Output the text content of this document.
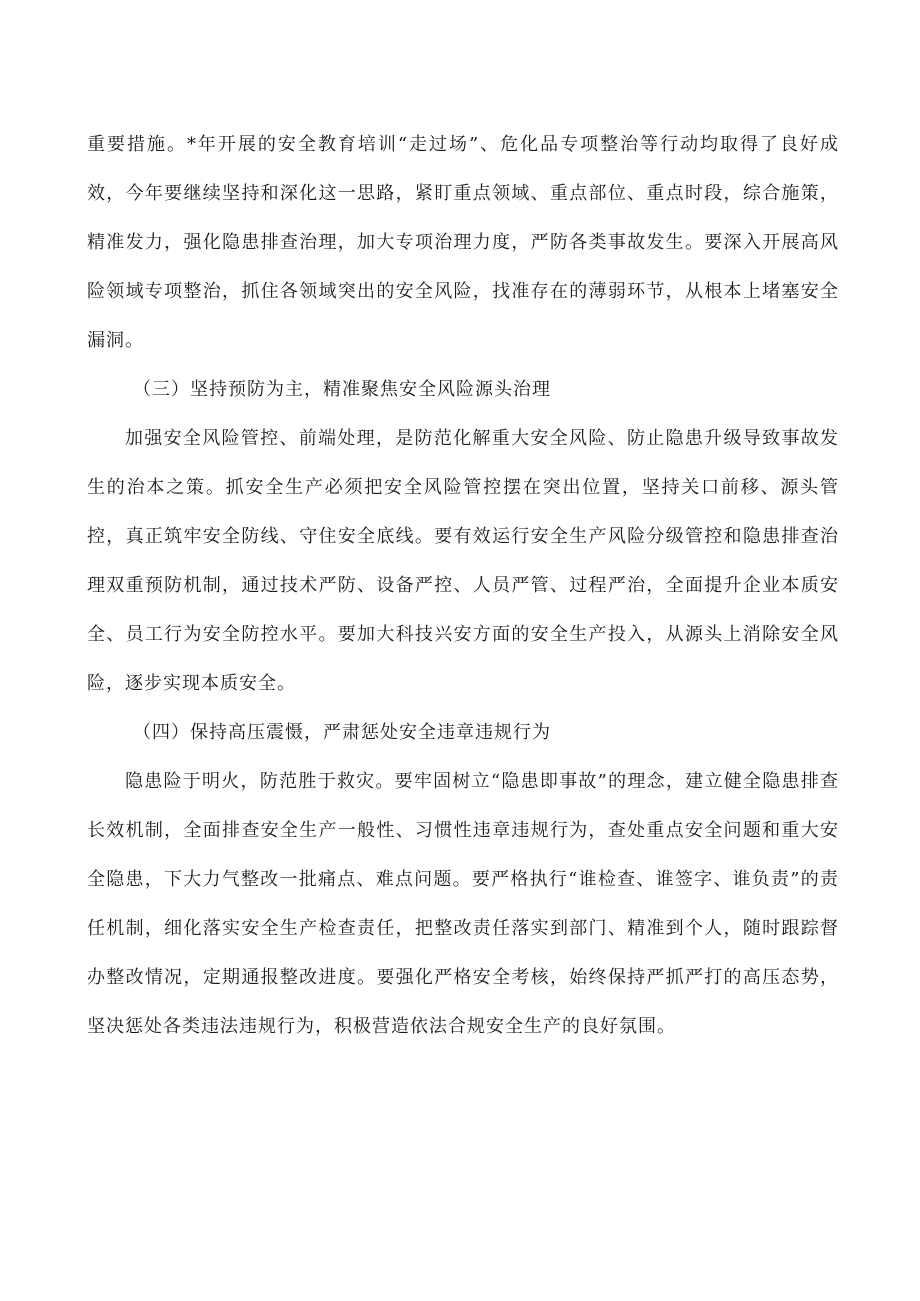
重要措施。*年开展的安全教育培训“走过场”、危化品专项整治等行动均取得了良好成效，今年要继续坚持和深化这一思路，紧盯重点领域、重点部位、重点时段，综合施策，精准发力，强化隐患排查治理，加大专项治理力度，严防各类事故发生。要深入开展高风险领域专项整治，抓住各领域突出的安全风险，找准存在的薄弱环节，从根本上堵塞安全漏洞。

（三）坚持预防为主，精准聚焦安全风险源头治理

加强安全风险管控、前端处理，是防范化解重大安全风险、防止隐患升级导致事故发生的治本之策。抓安全生产必须把安全风险管控摆在突出位置，坚持关口前移、源头管控，真正筑牢安全防线、守住安全底线。要有效运行安全生产风险分级管控和隐患排查治理双重预防机制，通过技术严防、设备严控、人员严管、过程严治，全面提升企业本质安全、员工行为安全防控水平。要加大科技兴安方面的安全生产投入，从源头上消除安全风险，逐步实现本质安全。

（四）保持高压震慑，严肃惩处安全违章违规行为

隐患险于明火，防范胜于救灾。要牢固树立“隐患即事故”的理念，建立健全隐患排查长效机制，全面排查安全生产一般性、习惯性违章违规行为，查处重点安全问题和重大安全隐患，下大力气整改一批痛点、难点问题。要严格执行“谁检查、谁签字、谁负责”的责任机制，细化落实安全生产检查责任，把整改责任落实到部门、精准到个人，随时跟踪督办整改情况，定期通报整改进度。要强化严格安全考核，始终保持严抓严打的高压态势，坚决惩处各类违法违规行为，积极营造依法合规安全生产的良好氛围。
